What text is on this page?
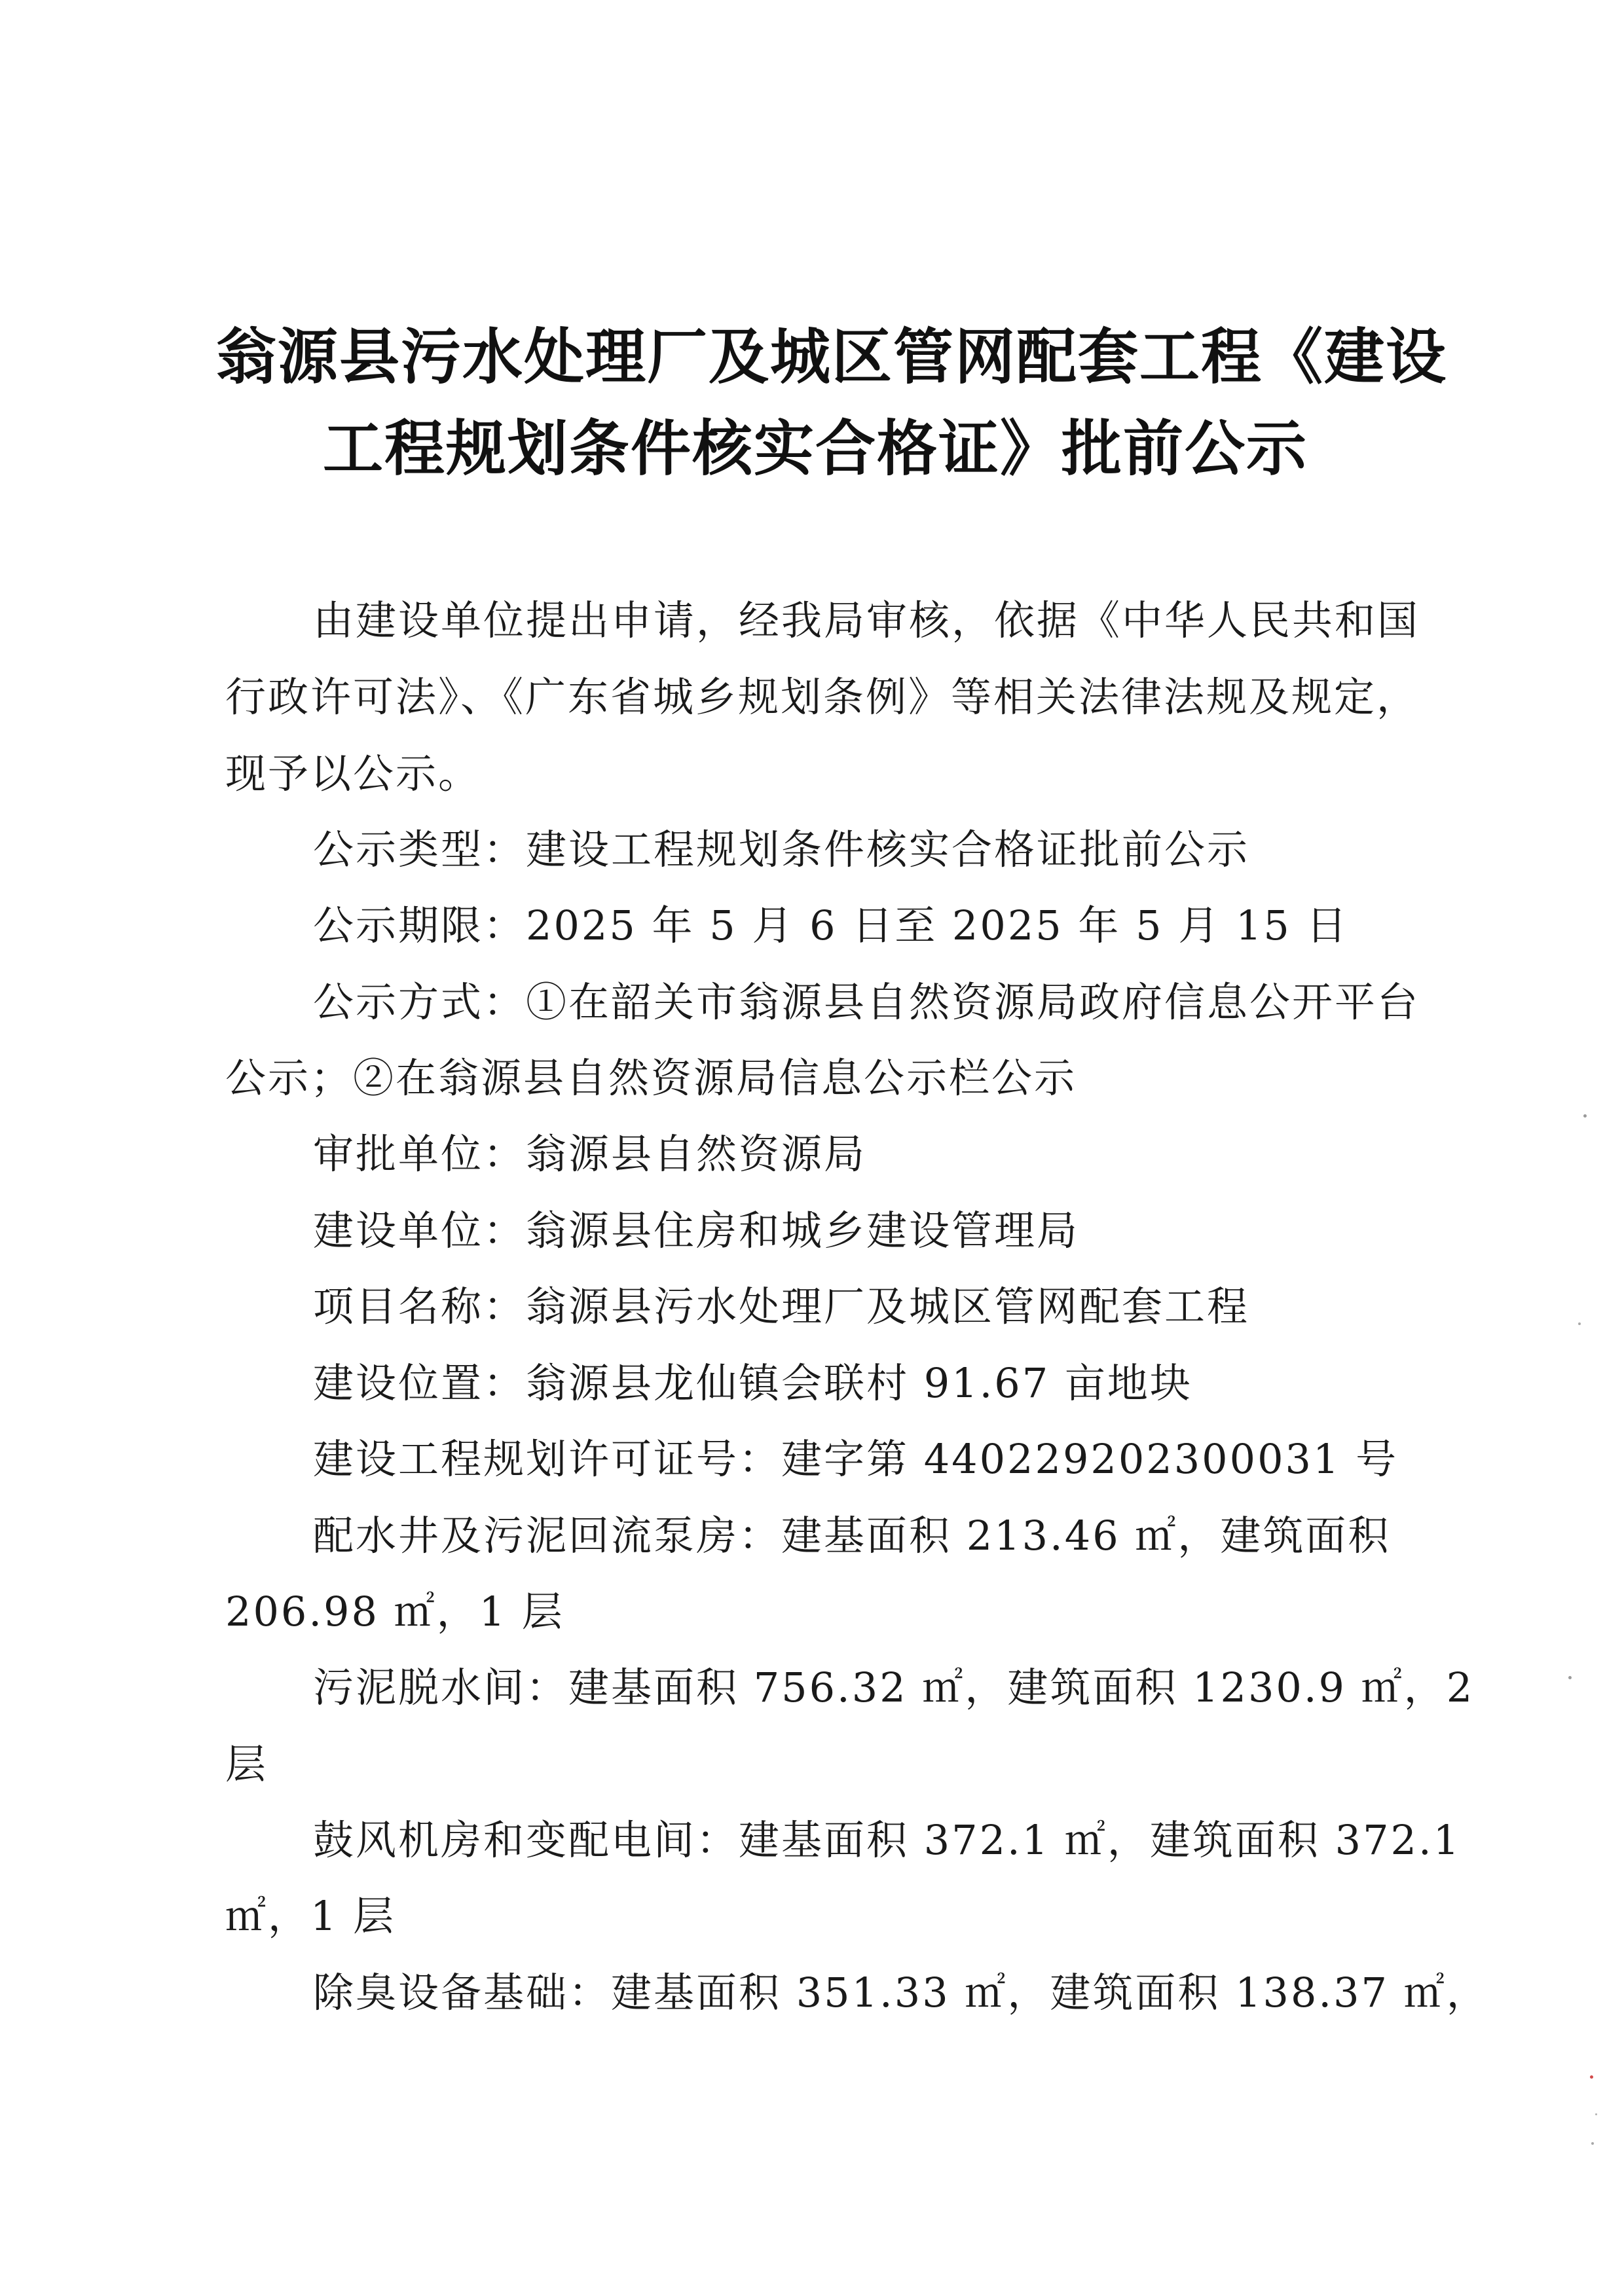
翁源县污水处理厂及城区管网配套工程《建设
工程规划条件核实合格证》批前公示

由建设单位提出申请，经我局审核，依据《中华人民共和国

行政许可法》、《广东省城乡规划条例》等相关法律法规及规定，

现予以公示。

公示类型：建设工程规划条件核实合格证批前公示

公示期限：2025 年 5 月 6 日至 2025 年 5 月 15 日

公示方式：①在韶关市翁源县自然资源局政府信息公开平台

公示；②在翁源县自然资源局信息公示栏公示

审批单位：翁源县自然资源局

建设单位：翁源县住房和城乡建设管理局

项目名称：翁源县污水处理厂及城区管网配套工程

建设位置：翁源县龙仙镇会联村 91.67 亩地块

建设工程规划许可证号：建字第 440229202300031 号

配水井及污泥回流泵房：建基面积 213.46 ㎡，建筑面积

206.98 ㎡，1 层

污泥脱水间：建基面积 756.32 ㎡，建筑面积 1230.9 ㎡，2

层

鼓风机房和变配电间：建基面积 372.1 ㎡，建筑面积 372.1

㎡，1 层

除臭设备基础：建基面积 351.33 ㎡，建筑面积 138.37 ㎡，
